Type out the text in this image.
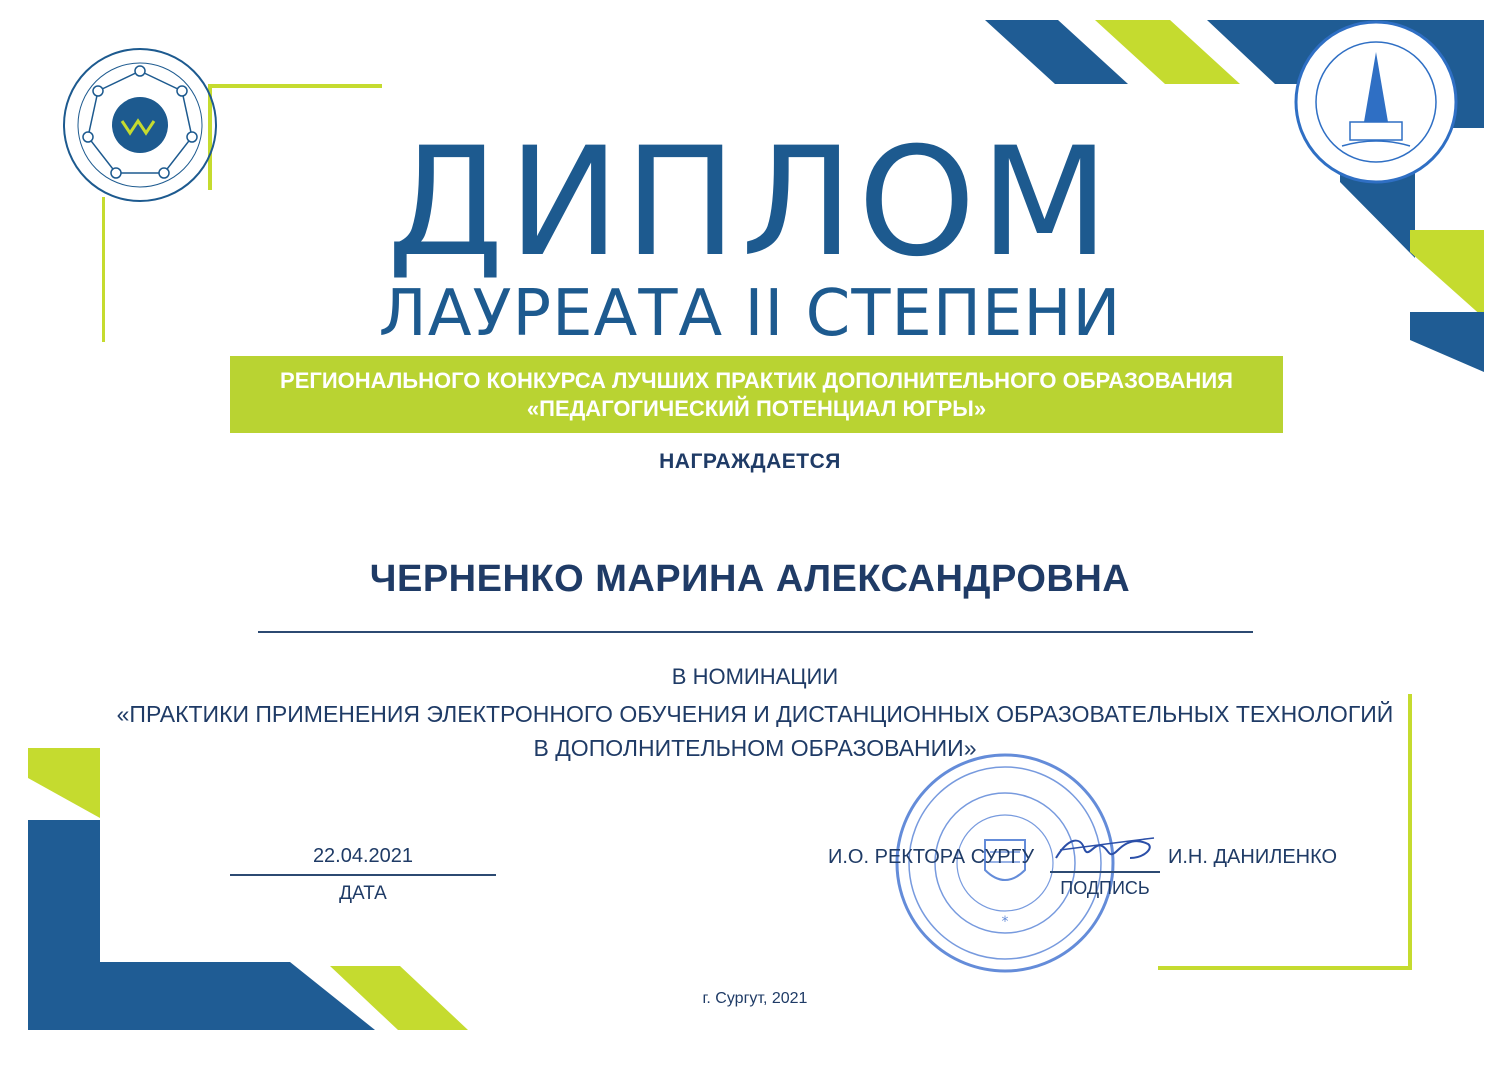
ДИПЛОМ
ЛАУРЕАТА II СТЕПЕНИ
РЕГИОНАЛЬНОГО КОНКУРСА ЛУЧШИХ ПРАКТИК ДОПОЛНИТЕЛЬНОГО ОБРАЗОВАНИЯ
«ПЕДАГОГИЧЕСКИЙ ПОТЕНЦИАЛ ЮГРЫ»
НАГРАЖДАЕТСЯ
ЧЕРНЕНКО МАРИНА АЛЕКСАНДРОВНА
В НОМИНАЦИИ
«ПРАКТИКИ ПРИМЕНЕНИЯ ЭЛЕКТРОННОГО ОБУЧЕНИЯ И ДИСТАНЦИОННЫХ ОБРАЗОВАТЕЛЬНЫХ ТЕХНОЛОГИЙ
В ДОПОЛНИТЕЛЬНОМ ОБРАЗОВАНИИ»
22.04.2021
ДАТА
*
И.О. РЕКТОРА СУРГУ
ПОДПИСЬ
И.Н. ДАНИЛЕНКО
г. Сургут, 2021
